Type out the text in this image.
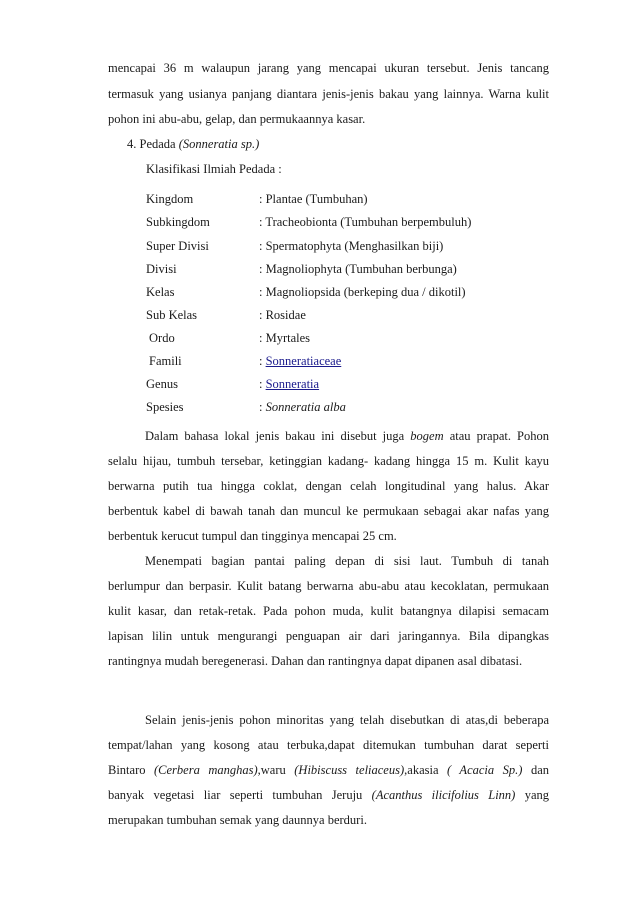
mencapai 36 m walaupun jarang yang mencapai ukuran tersebut. Jenis tancang
termasuk yang usianya panjang diantara jenis-jenis bakau yang lainnya. Warna kulit
pohon ini abu-abu, gelap, dan permukaannya kasar.
4. Pedada (Sonneratia sp.)
Klasifikasi Ilmiah Pedada :
Kingdom	: Plantae (Tumbuhan)
Subkingdom	: Tracheobionta (Tumbuhan berpembuluh)
Super Divisi	: Spermatophyta (Menghasilkan biji)
Divisi	: Magnoliophyta (Tumbuhan berbunga)
Kelas	: Magnoliopsida (berkeping dua / dikotil)
Sub Kelas	: Rosidae
Ordo	: Myrtales
Famili	: Sonneratiaceae
Genus	: Sonneratia
Spesies	: Sonneratia alba
Dalam bahasa lokal jenis bakau ini disebut juga bogem atau prapat. Pohon
selalu hijau, tumbuh tersebar, ketinggian kadang- kadang hingga 15 m. Kulit kayu
berwarna putih tua hingga coklat, dengan celah longitudinal yang halus. Akar
berbentuk kabel di bawah tanah dan muncul ke permukaan sebagai akar nafas yang
berbentuk kerucut tumpul dan tingginya mencapai 25 cm.
Menempati bagian pantai paling depan di sisi laut. Tumbuh di tanah
berlumpur dan berpasir. Kulit batang berwarna abu-abu atau kecoklatan, permukaan
kulit kasar, dan retak-retak. Pada pohon muda, kulit batangnya dilapisi semacam
lapisan lilin untuk mengurangi penguapan air dari jaringannya. Bila dipangkas
rantingnya mudah beregenerasi. Dahan dan rantingnya dapat dipanen asal dibatasi.
Selain jenis-jenis pohon minoritas yang telah disebutkan di atas,di beberapa
tempat/lahan yang kosong atau terbuka,dapat ditemukan tumbuhan darat seperti
Bintaro (Cerbera manghas),waru (Hibiscuss teliaceus),akasia ( Acacia Sp.) dan
banyak vegetasi liar seperti tumbuhan Jeruju (Acanthus ilicifolius Linn) yang
merupakan tumbuhan semak yang daunnya berduri.
